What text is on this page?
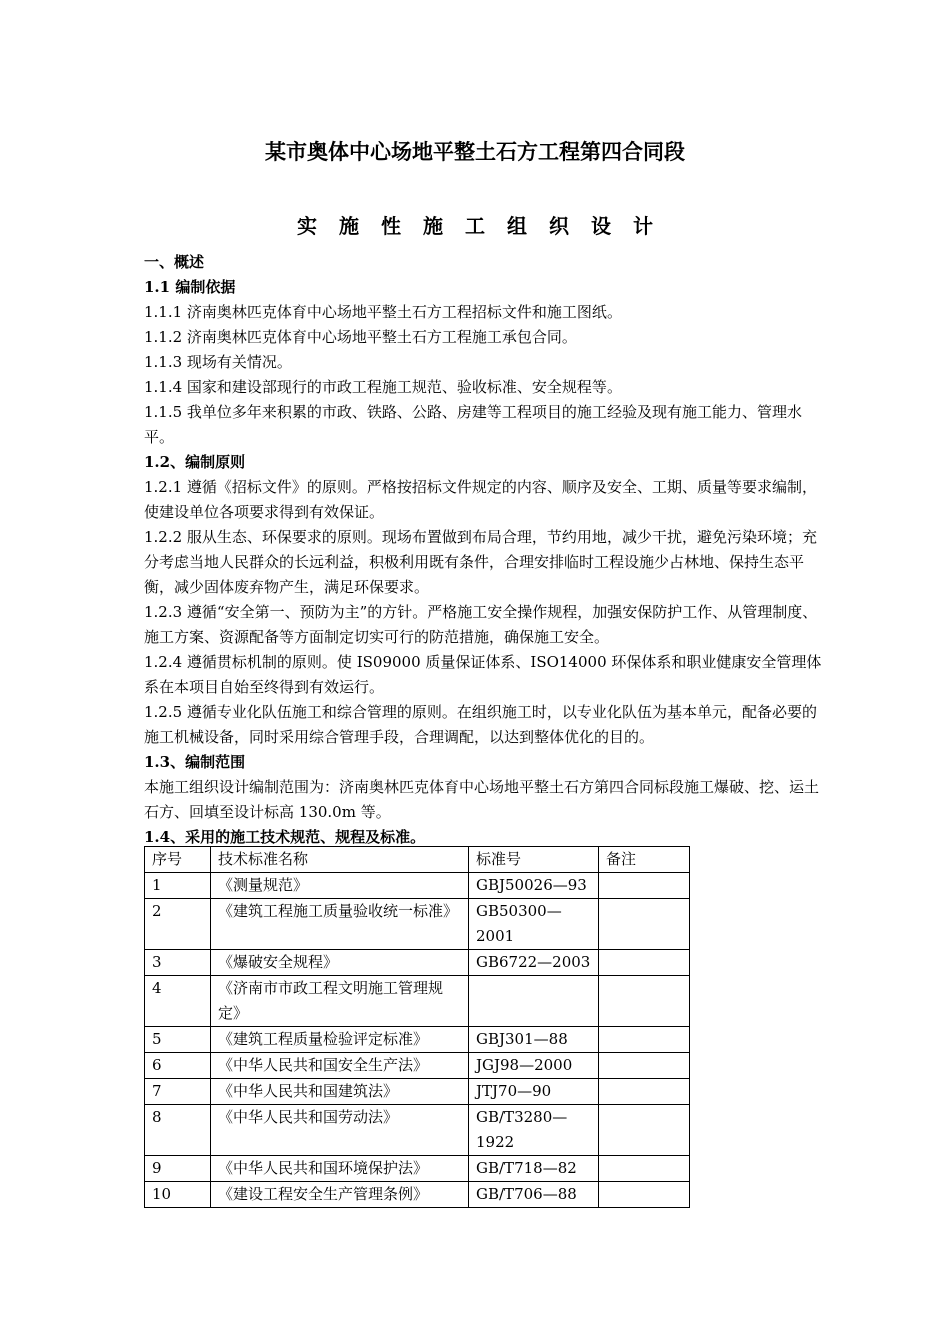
某市奥体中心场地平整土石方工程第四合同段
实施性施工组织设计

一、概述

1.1 编制依据

1.1.1 济南奥林匹克体育中心场地平整土石方工程招标文件和施工图纸。

1.1.2 济南奥林匹克体育中心场地平整土石方工程施工承包合同。

1.1.3 现场有关情况。

1.1.4 国家和建设部现行的市政工程施工规范、验收标准、安全规程等。

1.1.5 我单位多年来积累的市政、铁路、公路、房建等工程项目的施工经验及现有施工能力、管理水平。

1.2、编制原则

1.2.1 遵循《招标文件》的原则。严格按招标文件规定的内容、顺序及安全、工期、质量等要求编制，使建设单位各项要求得到有效保证。

1.2.2 服从生态、环保要求的原则。现场布置做到布局合理，节约用地，减少干扰，避免污染环境；充分考虑当地人民群众的长远利益，积极利用既有条件，合理安排临时工程设施少占林地、保持生态平衡，减少固体废弃物产生，满足环保要求。

1.2.3 遵循“安全第一、预防为主”的方针。严格施工安全操作规程，加强安保防护工作、从管理制度、施工方案、资源配备等方面制定切实可行的防范措施，确保施工安全。

1.2.4 遵循贯标机制的原则。使 IS09000 质量保证体系、ISO14000 环保体系和职业健康安全管理体系在本项目自始至终得到有效运行。

1.2.5 遵循专业化队伍施工和综合管理的原则。在组织施工时，以专业化队伍为基本单元，配备必要的施工机械设备，同时采用综合管理手段，合理调配，以达到整体优化的目的。

1.3、编制范围

本施工组织设计编制范围为：济南奥林匹克体育中心场地平整土石方第四合同标段施工爆破、挖、运土石方、回填至设计标高 130.0m 等。

1.4、采用的施工技术规范、规程及标准。

序号	技术标准名称	标准号	备注
1	《测量规范》	GBJ50026—93	
2	《建筑工程施工质量验收统一标准》	GB50300—2001	
3	《爆破安全规程》	GB6722—2003	
4	《济南市市政工程文明施工管理规定》		
5	《建筑工程质量检验评定标准》	GBJ301—88	
6	《中华人民共和国安全生产法》	JGJ98—2000	
7	《中华人民共和国建筑法》	JTJ70—90	
8	《中华人民共和国劳动法》	GB/T3280—1922	
9	《中华人民共和国环境保护法》	GB/T718—82	
10	《建设工程安全生产管理条例》	GB/T706—88	
